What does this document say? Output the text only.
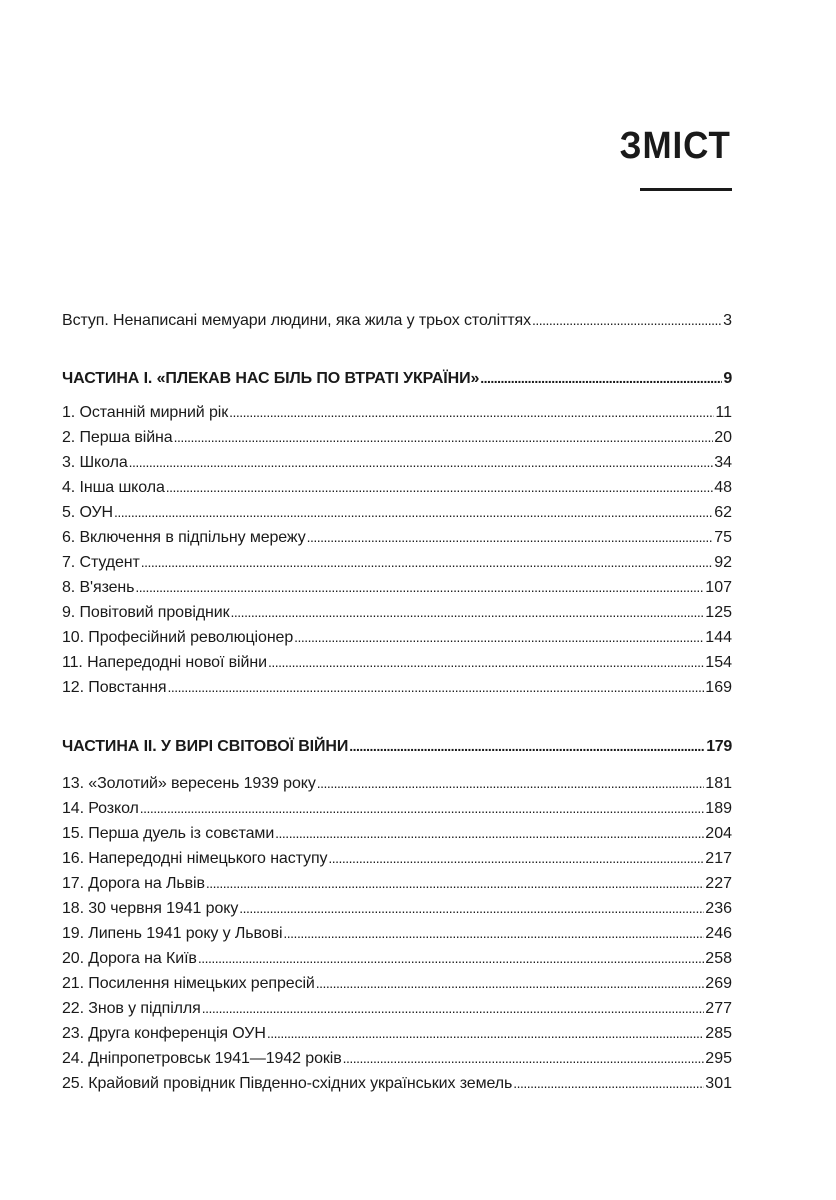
ЗМІСТ
Вступ. Ненаписані мемуари людини, яка жила у трьох століттях . . .	3
ЧАСТИНА І. «ПЛЕКАВ НАС БІЛЬ ПО ВТРАТІ УКРАЇНИ» . . .	9
1. Останній мирний рік . . .	11
2. Перша війна . . .	20
3. Школа . . .	34
4. Інша школа . . .	48
5. ОУН . . .	62
6. Включення в підпільну мережу . . .	75
7. Студент . . .	92
8. В'язень . . .	107
9. Повітовий провідник . . .	125
10. Професійний революціонер . . .	144
11. Напередодні нової війни . . .	154
12. Повстання . . .	169
ЧАСТИНА ІІ. У ВИРІ СВІТОВОЇ ВІЙНИ . . .	179
13. «Золотий» вересень 1939 року . . .	181
14. Розкол . . .	189
15. Перша дуель із совєтами . . .	204
16. Напередодні німецького наступу . . .	217
17. Дорога на Львів . . .	227
18. 30 червня 1941 року . . .	236
19. Липень 1941 року у Львові . . .	246
20. Дорога на Київ . . .	258
21. Посилення німецьких репресій . . .	269
22. Знов у підпілля . . .	277
23. Друга конференція ОУН . . .	285
24. Дніпропетровськ 1941—1942 років . . .	295
25. Крайовий провідник Південно-східних українських земель . . .	301
